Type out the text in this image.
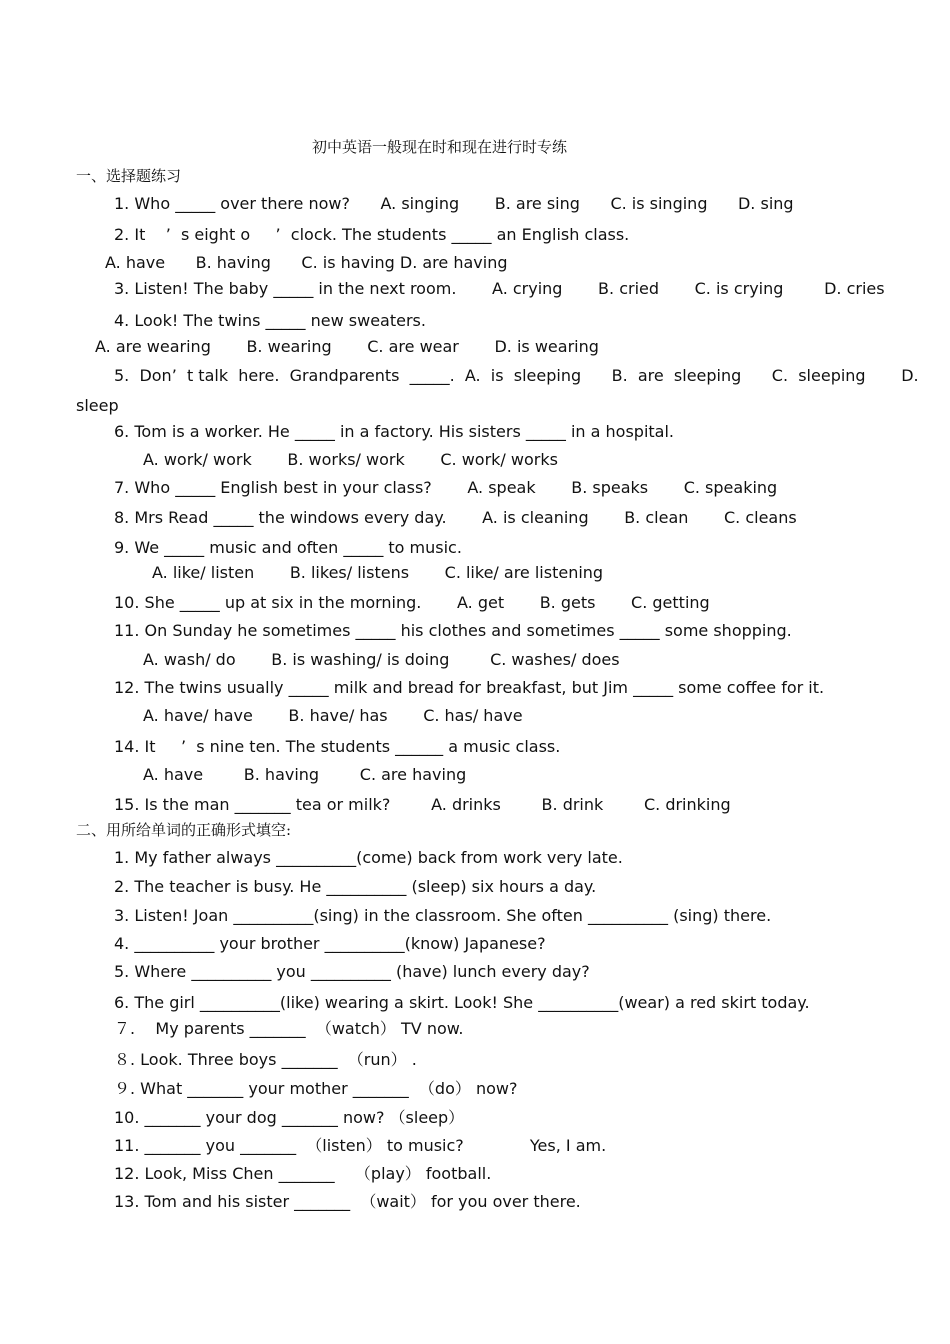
初中英语一般现在时和现在进行时专练
一、选择题练习
1. Who _____ over there now?      A. singing       B. are sing      C. is singing      D. sing
2. It    ’  s eight o     ’  clock. The students _____ an English class.
A. have      B. having      C. is having D. are having
3. Listen! The baby _____ in the next room.       A. crying       B. cried       C. is crying        D. cries
4. Look! The twins _____ new sweaters.
A. are wearing       B. wearing       C. are wear       D. is wearing
5.  Don’  t talk  here.  Grandparents  _____.  A.  is  sleeping      B.  are  sleeping      C.  sleeping       D.
sleep
6. Tom is a worker. He _____ in a factory. His sisters _____ in a hospital.
A. work/ work       B. works/ work       C. work/ works
7. Who _____ English best in your class?       A. speak       B. speaks       C. speaking
8. Mrs Read _____ the windows every day.       A. is cleaning       B. clean       C. cleans
9. We _____ music and often _____ to music.
A. like/ listen       B. likes/ listens       C. like/ are listening
10. She _____ up at six in the morning.       A. get       B. gets       C. getting
11. On Sunday he sometimes _____ his clothes and sometimes _____ some shopping.
A. wash/ do       B. is washing/ is doing        C. washes/ does
12. The twins usually _____ milk and bread for breakfast, but Jim _____ some coffee for it.
A. have/ have       B. have/ has       C. has/ have
14. It     ’  s nine ten. The students ______ a music class.
A. have        B. having        C. are having
15. Is the man _______ tea or milk?        A. drinks        B. drink        C. drinking
二、用所给单词的正确形式填空:
1. My father always __________(come) back from work very late.
2. The teacher is busy. He __________ (sleep) six hours a day.
3. Listen! Joan __________(sing) in the classroom. She often __________ (sing) there.
4. __________ your brother __________(know) Japanese?
5. Where __________ you __________ (have) lunch every day?
6. The girl __________(like) wearing a skirt. Look! She __________(wear) a red skirt today.
７.    My parents _______  （watch） TV now.
８. Look. Three boys _______  （run） .
９. What _______ your mother _______  （do） now?
10. _______ your dog _______ now? （sleep）
11. _______ you _______  （listen） to music?             Yes, I am.
12. Look, Miss Chen _______    （play） football.
13. Tom and his sister _______  （wait） for you over there.
